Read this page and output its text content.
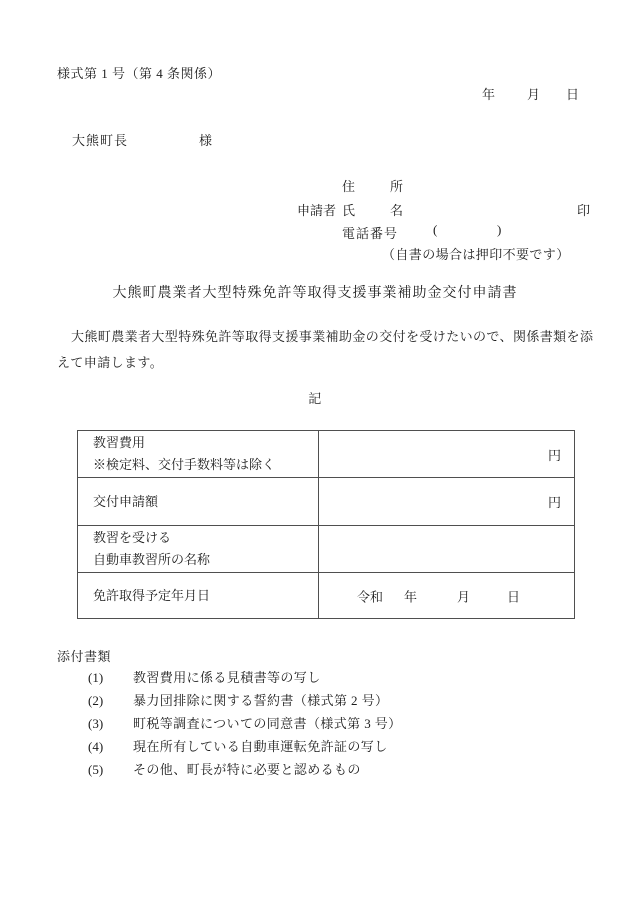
様式第 1 号（第 4 条関係）
年 月 日
大熊町長	様
住	所
申請者 氏	名	印
電話番号	(	)
（自書の場合は押印不要です）
大熊町農業者大型特殊免許等取得支援事業補助金交付申請書
大熊町農業者大型特殊免許等取得支援事業補助金の交付を受けたいので、関係書類を添
えて申請します。
記
教習費用
※検定料、交付手数料等は除く	円

交付申請額	円

教習を受ける
自動車教習所の名称	

免許取得予定年月日	令和 年 月 日
添付書類
(1)	教習費用に係る見積書等の写し
(2)	暴力団排除に関する誓約書（様式第 2 号）
(3)	町税等調査についての同意書（様式第 3 号）
(4)	現在所有している自動車運転免許証の写し
(5)	その他、町長が特に必要と認めるもの
